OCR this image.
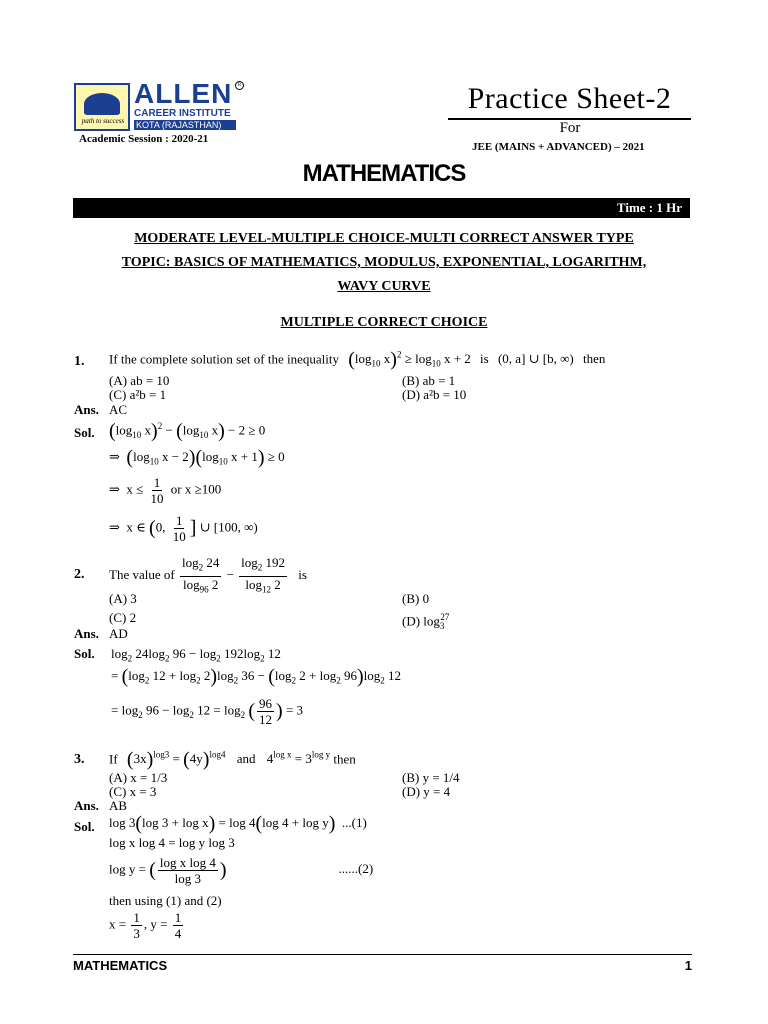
path to success
ALLEN	R
CAREER INSTITUTE
KOTA (RAJASTHAN)
Academic Session : 2020-21
Practice Sheet-2
For
JEE (MAINS + ADVANCED) – 2021
MATHEMATICS
Time : 1 Hr
MODERATE LEVEL-MULTIPLE CHOICE-MULTI CORRECT ANSWER TYPE
TOPIC: BASICS OF MATHEMATICS, MODULUS, EXPONENTIAL, LOGARITHM,
WAVY CURVE
MULTIPLE CORRECT CHOICE
1. If the complete solution set of the inequality ($\log_{10}$ $x)^2 \ge \log_{10} x + 2$ is (0, a] ∪ [b, ∞) then
(A) ab = 10	(B) ab = 1
(C) a²b = 1	(D) a²b = 10
Ans. AC
Sol. ($\log_{10}$ $x)^2 - (\log_{10}$ x) − 2 ≥ 0
⇒  ($\log_{10}$ $x - 2)(\log_{10}$ x + 1) ≥ 0
⇒  $x \le \frac{1}{10}$ or x ≥100
⇒  x ∈ (0, $\frac{1}{10}$ ] ∪ [100, ∞)
2. The value of $\frac{\log_2 24}{\log_{96} 2} - \frac{\log_2 192}{\log_{12} 2}$ is
(A) 3	(B) 0
(C) 2	(D) $\log_3^{27}$
Ans. AD
Sol. $\log_2 24\log_2$ $96 - \log_2 192\log_2$ 12
= ($\log_2$ $12 + \log_2 2)\log_2$ $36 - (\log_2$ $2 + \log_2 96)\log_2$ 12
= $\log_2 96 - \log_2 12 = \log_2$ ( $\frac{96}{12}$ ) = 3
3. If $(3x)^{log3} = (4y)^{log4}$ and $4^{log x} = 3^{log y}$ then
(A) x = 1/3	(B) y = 1/4
(C) x = 3	(D) y = 4
Ans. AB
Sol. log 3(log 3 + log x) = log 4(log 4 + log y)  ...(1)
log x log 4 = log y log 3
log y = ( $\frac{\text{log x log 4}}{\log 3}$ )	......(2)
then using (1) and (2)
$x = \frac{1}{3}$ , $y = \frac{1}{4}$
MATHEMATICS	1
